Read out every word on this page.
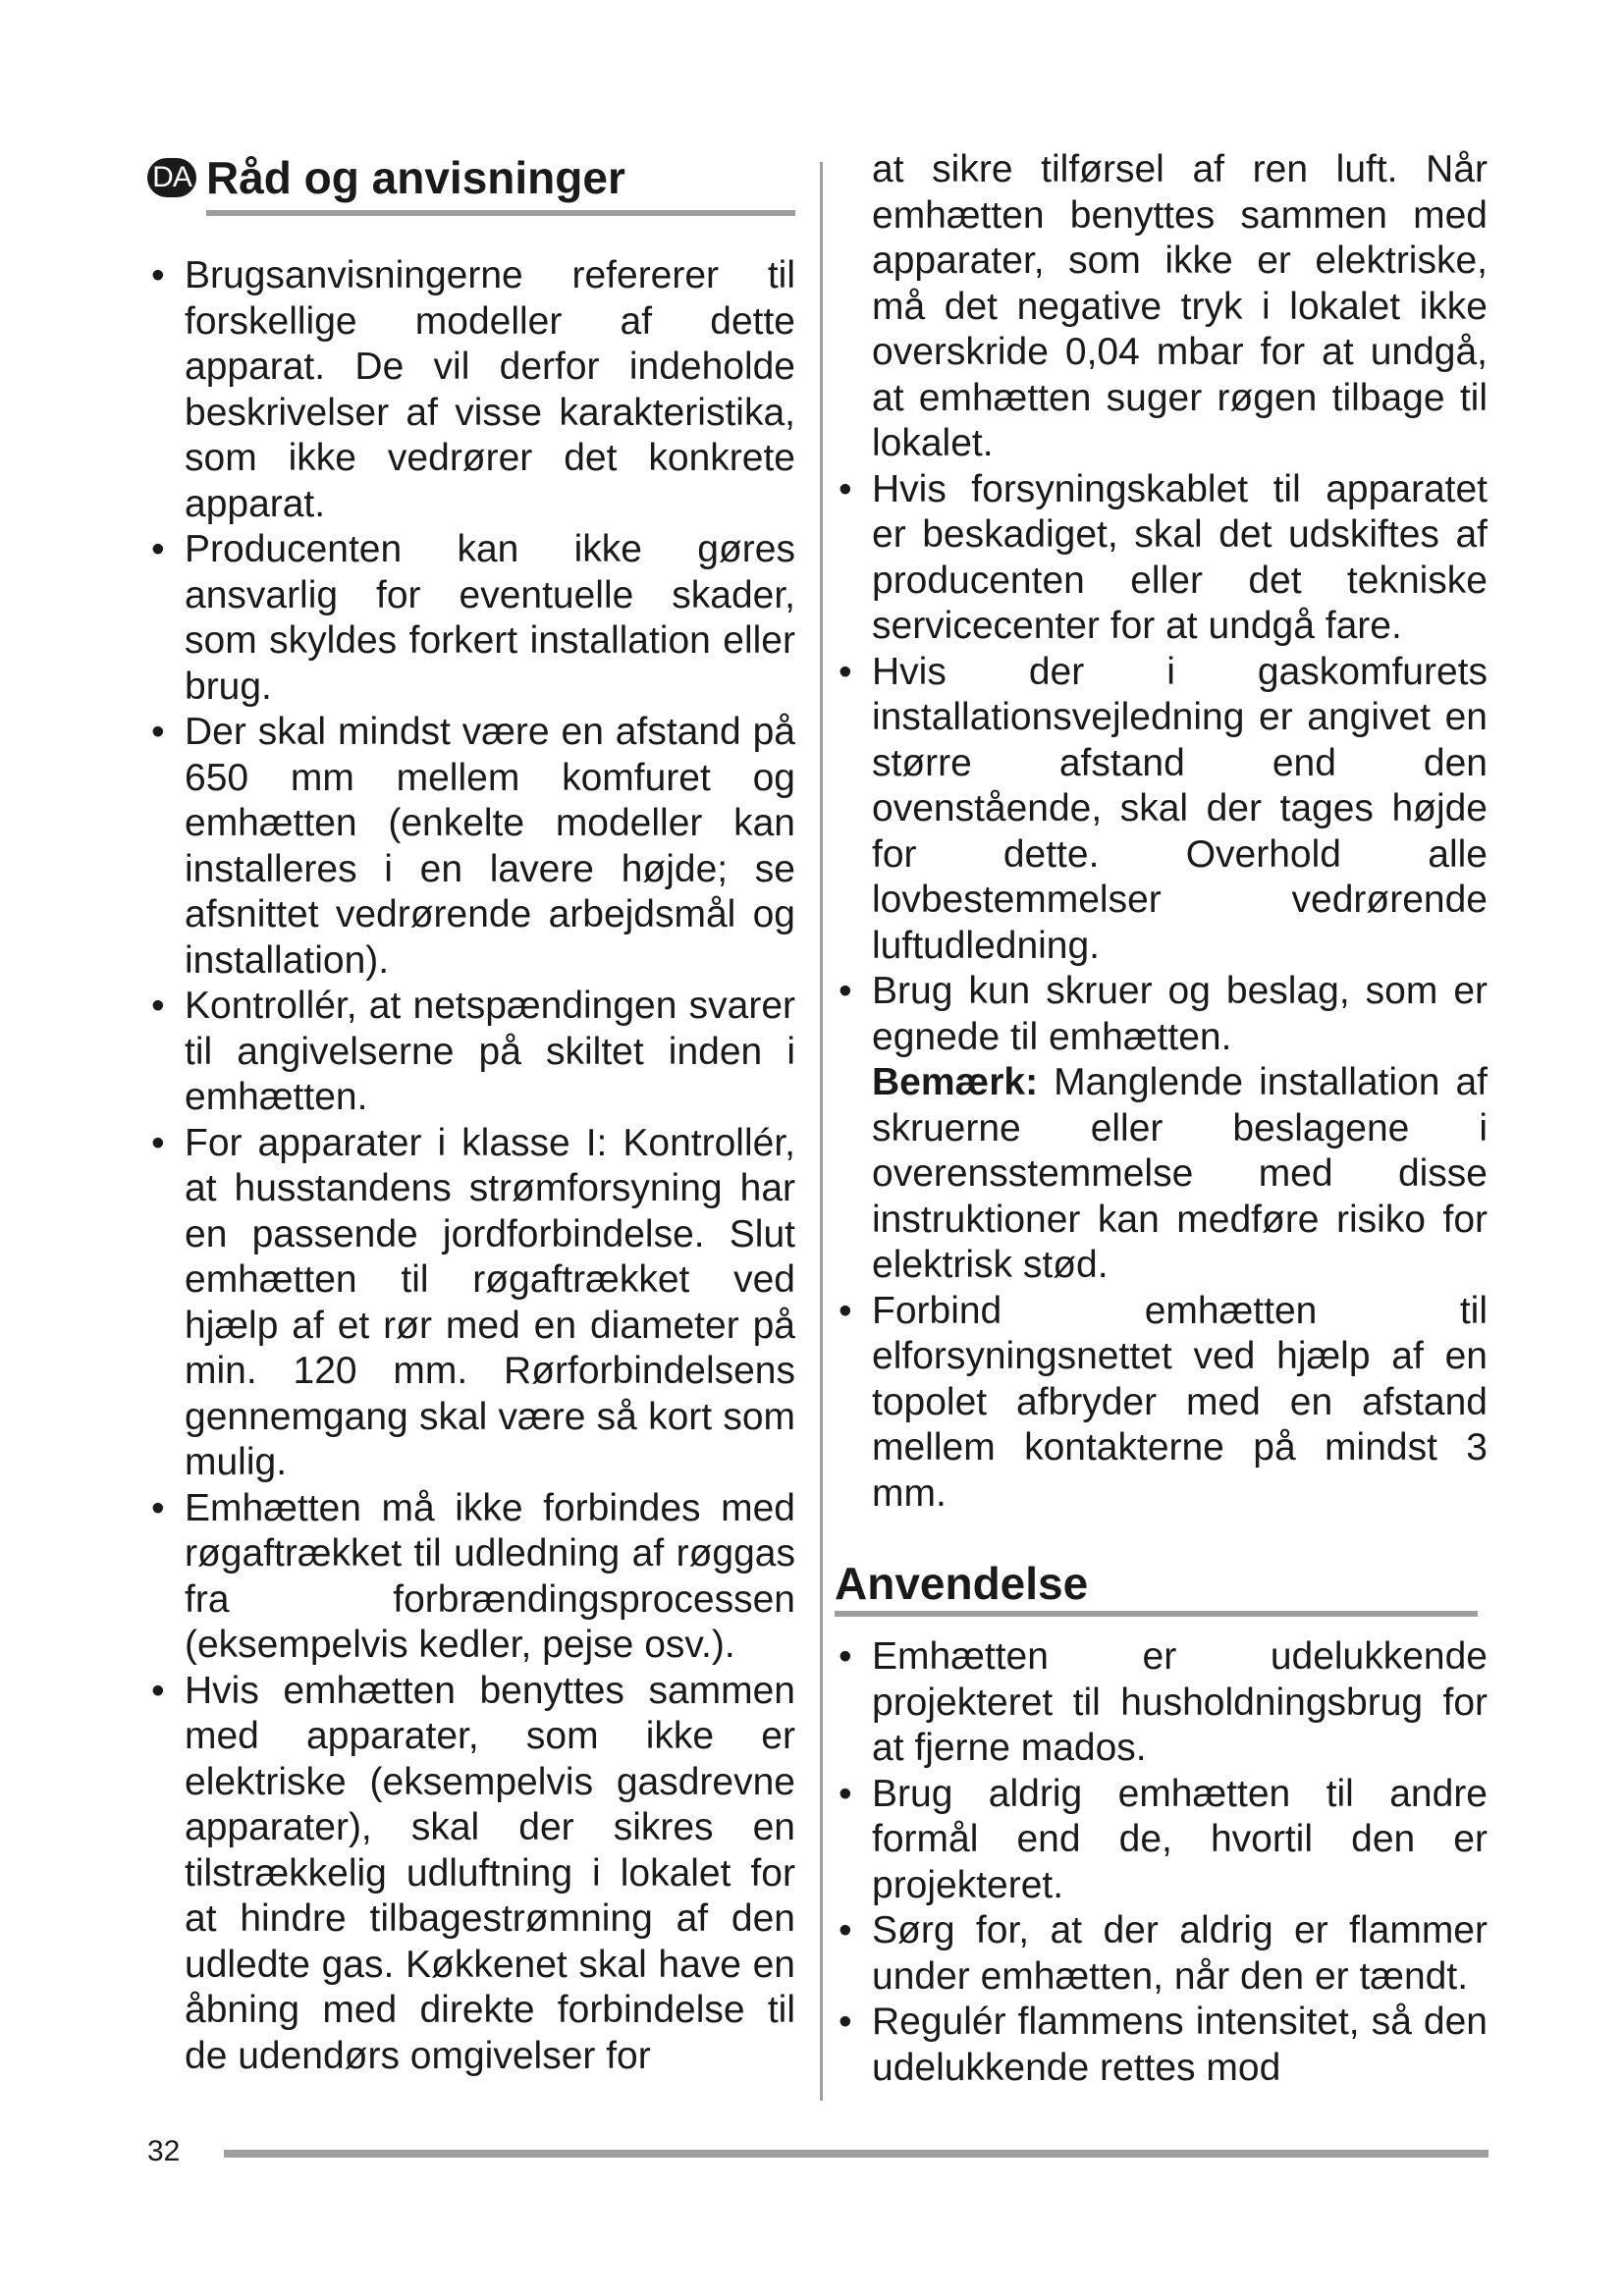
DA Råd og anvisninger
• Brugsanvisningerne refererer til forskellige modeller af dette apparat. De vil derfor indeholde beskrivelser af visse karakteristika, som ikke vedrører det konkrete apparat.
• Producenten kan ikke gøres ansvarlig for eventuelle skader, som skyldes forkert installation eller brug.
• Der skal mindst være en afstand på 650 mm mellem komfuret og emhætten (enkelte modeller kan installeres i en lavere højde; se afsnittet vedrørende arbejdsmål og installation).
• Kontrollér, at netspændingen svarer til angivelserne på skiltet inden i emhætten.
• For apparater i klasse I: Kontrollér, at husstandens strømforsyning har en passende jordforbindelse. Slut emhætten til røgaftrækket ved hjælp af et rør med en diameter på min. 120 mm. Rørforbindelsens gennemgang skal være så kort som mulig.
• Emhætten må ikke forbindes med røgaftrækket til udledning af røggas fra forbrændingsprocessen (eksempelvis kedler, pejse osv.).
• Hvis emhætten benyttes sammen med apparater, som ikke er elektriske (eksempelvis gasdrevne apparater), skal der sikres en tilstrækkelig udluftning i lokalet for at hindre tilbagestrømning af den udledte gas. Køkkenet skal have en åbning med direkte forbindelse til de udendørs omgivelser for
at sikre tilførsel af ren luft. Når emhætten benyttes sammen med apparater, som ikke er elektriske, må det negative tryk i lokalet ikke overskride 0,04 mbar for at undgå, at emhætten suger røgen tilbage til lokalet.
• Hvis forsyningskablet til apparatet er beskadiget, skal det udskiftes af producenten eller det tekniske servicecenter for at undgå fare.
• Hvis der i gaskomfurets installationsvejledning er angivet en større afstand end den ovenstående, skal der tages højde for dette. Overhold alle lovbestemmelser vedrørende luftudledning.
• Brug kun skruer og beslag, som er egnede til emhætten.
Bemærk: Manglende installation af skruerne eller beslagene i overensstemmelse med disse instruktioner kan medføre risiko for elektrisk stød.
• Forbind emhætten til elforsyningsnettet ved hjælp af en topolet afbryder med en afstand mellem kontakterne på mindst 3 mm.
Anvendelse
• Emhætten er udelukkende projekteret til husholdningsbrug for at fjerne mados.
• Brug aldrig emhætten til andre formål end de, hvortil den er projekteret.
• Sørg for, at der aldrig er flammer under emhætten, når den er tændt.
• Regulér flammens intensitet, så den udelukkende rettes mod
32
